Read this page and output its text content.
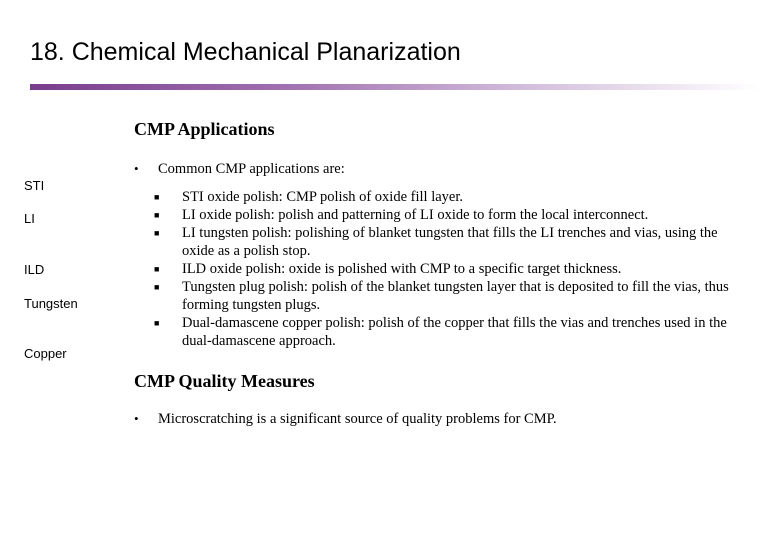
18. Chemical Mechanical Planarization
STI
LI
ILD
Tungsten
Copper
CMP Applications
•	Common CMP applications are:
■	STI oxide polish: CMP polish of oxide fill layer.
■	LI oxide polish: polish and patterning of LI oxide to form the local interconnect.
■	LI tungsten polish: polishing of blanket tungsten that fills the LI trenches and vias, using the oxide as a polish stop.
■	ILD oxide polish: oxide is polished with CMP to a specific target thickness.
■	Tungsten plug polish: polish of the blanket tungsten layer that is deposited to fill the vias, thus forming tungsten plugs.
■	Dual-damascene copper polish: polish of the copper that fills the vias and trenches used in the dual-damascene approach.
CMP Quality Measures
•	Microscratching is a significant source of quality problems for CMP.
